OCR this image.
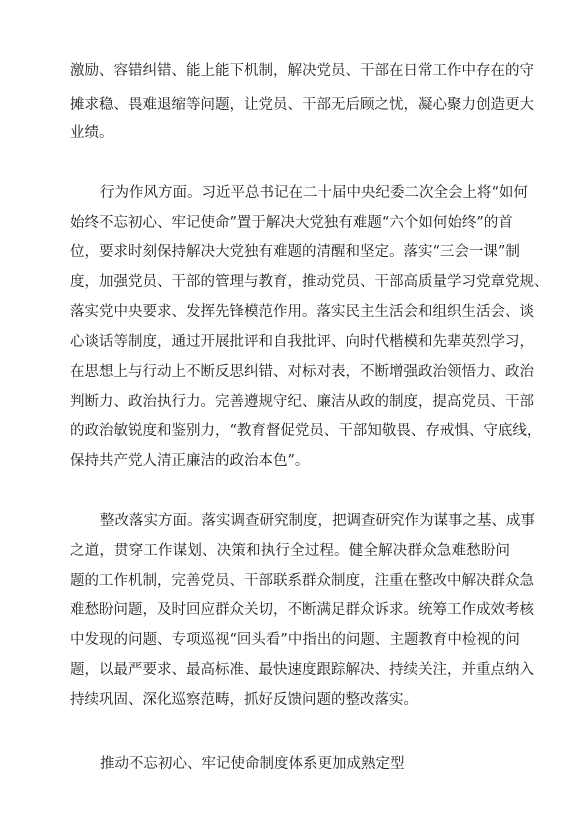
激励、容错纠错、能上能下机制，解决党员、干部在日常工作中存在的守
摊求稳、畏难退缩等问题，让党员、干部无后顾之忧，凝心聚力创造更大
业绩。
行为作风方面。习近平总书记在二十届中央纪委二次全会上将“如何
始终不忘初心、牢记使命”置于解决大党独有难题“六个如何始终”的首
位，要求时刻保持解决大党独有难题的清醒和坚定。落实“三会一课”制
度，加强党员、干部的管理与教育，推动党员、干部高质量学习党章党规、
落实党中央要求、发挥先锋模范作用。落实民主生活会和组织生活会、谈
心谈话等制度，通过开展批评和自我批评、向时代楷模和先辈英烈学习，
在思想上与行动上不断反思纠错、对标对表，不断增强政治领悟力、政治
判断力、政治执行力。完善遵规守纪、廉洁从政的制度，提高党员、干部
的政治敏锐度和鉴别力，“教育督促党员、干部知敬畏、存戒惧、守底线，
保持共产党人清正廉洁的政治本色”。
整改落实方面。落实调查研究制度，把调查研究作为谋事之基、成事
之道，贯穿工作谋划、决策和执行全过程。健全解决群众急难愁盼问
题的工作机制，完善党员、干部联系群众制度，注重在整改中解决群众急
难愁盼问题，及时回应群众关切，不断满足群众诉求。统筹工作成效考核
中发现的问题、专项巡视“回头看”中指出的问题、主题教育中检视的问
题，以最严要求、最高标准、最快速度跟踪解决、持续关注，并重点纳入
持续巩固、深化巡察范畴，抓好反馈问题的整改落实。
推动不忘初心、牢记使命制度体系更加成熟定型
